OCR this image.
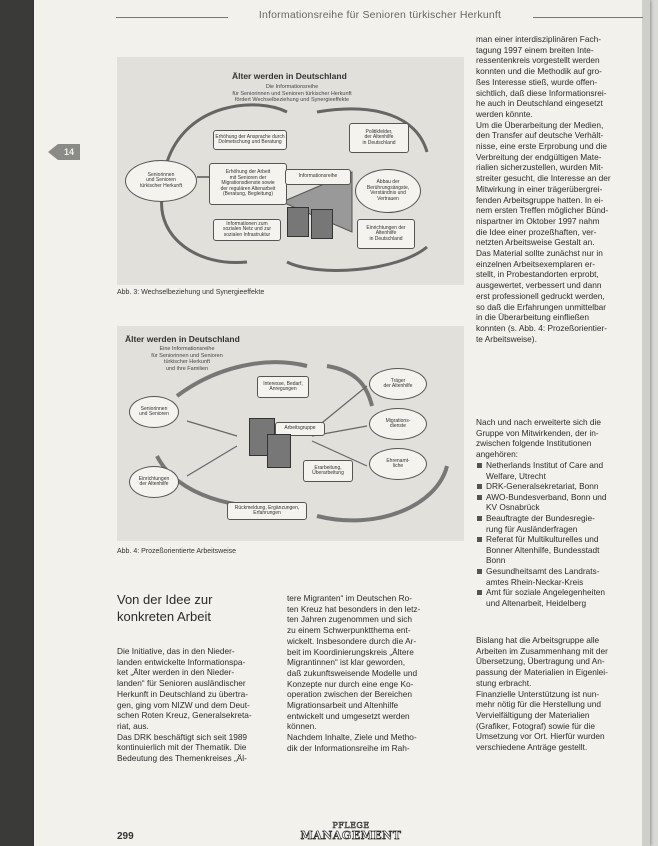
Informationsreihe für Senioren türkischer Herkunft
14
Älter werden in Deutschland
Die Informationsreihe
für Seniorinnen und Senioren türkischer Herkunft
fördert Wechselbeziehung und Synergieeffekte
Erhöhung der Ansprache durch
Dolmetschung und Beratung
Politikfelder,
der Altenhilfe
in Deutschland
Seniorinnen
und Senioren
türkischer Herkunft
Erhöhung der Arbeit
mit Senioren der
Migrationsdienste sowie
der regulären Altenarbeit
(Beratung, Begleitung)
Informationsreihe
Abbau der
Berührungsängste,
Verständnis und
Vertrauen
Informationen zum
sozialen Netz und zur
sozialen Infrastruktur
Einrichtungen der
Altenhilfe
in Deutschland
Abb. 3: Wechselbeziehung und Synergieeffekte
Älter werden in Deutschland
Eine Informationsreihe
für Seniorinnen und Senioren
türkischer Herkunft
und ihre Familien
Interesse, Bedarf,
Anregungen
Arbeitsgruppe
Erarbeitung,
Überarbeitung
Seniorinnen
und Senioren
Einrichtungen
der Altenhilfe
Träger
der Altenhilfe
Migrations-
dienste
Ehrenamt-
liche
Rückmeldung, Ergänzungen,
Erfahrungen
Abb. 4: Prozeßorientierte Arbeitsweise
man einer interdisziplinären Fach-
tagung 1997 einem breiten Inte-
ressentenkreis vorgestellt werden
konnten und die Methodik auf gro-
ßes Interesse stieß, wurde offen-
sichtlich, daß diese Informationsrei-
he auch in Deutschland eingesetzt
werden könnte.
Um die Überarbeitung der Medien,
den Transfer auf deutsche Verhält-
nisse, eine erste Erprobung und die
Verbreitung der endgültigen Mate-
rialien sicherzustellen, wurden Mit-
streiter gesucht, die Interesse an der
Mitwirkung in einer trägerübergrei-
fenden Arbeitsgruppe hatten. In ei-
nem ersten Treffen möglicher Bünd-
nispartner im Oktober 1997 nahm
die Idee einer prozeßhaften, ver-
netzten Arbeitsweise Gestalt an.
Das Material sollte zunächst nur in
einzelnen Arbeitsexemplaren er-
stellt, in Probestandorten erprobt,
ausgewertet, verbessert und dann
erst professionell gedruckt werden,
so daß die Erfahrungen unmittelbar
in die Überarbeitung einfließen
konnten (s. Abb. 4: Prozeßorientier-
te Arbeitsweise).
Nach und nach erweiterte sich die
Gruppe von Mitwirkenden, der in-
zwischen folgende Institutionen
angehören:
Netherlands Institut of Care and
Welfare, Utrecht
DRK-Generalsekretariat, Bonn
AWO-Bundesverband, Bonn und
KV Osnabrück
Beauftragte der Bundesregie-
rung für Ausländerfragen
Referat für Multikulturelles und
Bonner Altenhilfe, Bundesstadt
Bonn
Gesundheitsamt des Landrats-
amtes Rhein-Neckar-Kreis
Amt für soziale Angelegenheiten
und Altenarbeit, Heidelberg
Bislang hat die Arbeitsgruppe alle
Arbeiten im Zusammenhang mit der
Übersetzung, Übertragung und An-
passung der Materialien in Eigenlei-
stung erbracht.
Finanzielle Unterstützung ist nun-
mehr nötig für die Herstellung und
Vervielfältigung der Materialien
(Grafiker, Fotograf) sowie für die
Umsetzung vor Ort. Hierfür wurden
verschiedene Anträge gestellt.
Von der Idee zur
konkreten Arbeit
Die Initiative, das in den Nieder-
landen entwickelte Informationspa-
ket „Älter werden in den Nieder-
landen“ für Senioren ausländischer
Herkunft in Deutschland zu übertra-
gen, ging vom NIZW und dem Deut-
schen Roten Kreuz, Generalsekreta-
riat, aus.
Das DRK beschäftigt sich seit 1989
kontinuierlich mit der Thematik. Die
Bedeutung des Themenkreises „Äl-
tere Migranten“ im Deutschen Ro-
ten Kreuz hat besonders in den letz-
ten Jahren zugenommen und sich
zu einem Schwerpunktthema ent-
wickelt. Insbesondere durch die Ar-
beit im Koordinierungskreis „Ältere
Migrantinnen“ ist klar geworden,
daß zukunftsweisende Modelle und
Konzepte nur durch eine enge Ko-
operation zwischen der Bereichen
Migrationsarbeit und Altenhilfe
entwickelt und umgesetzt werden
können.
Nachdem Inhalte, Ziele und Metho-
dik der Informationsreihe im Rah-
299
PFLEGE
MANAGEMENT
